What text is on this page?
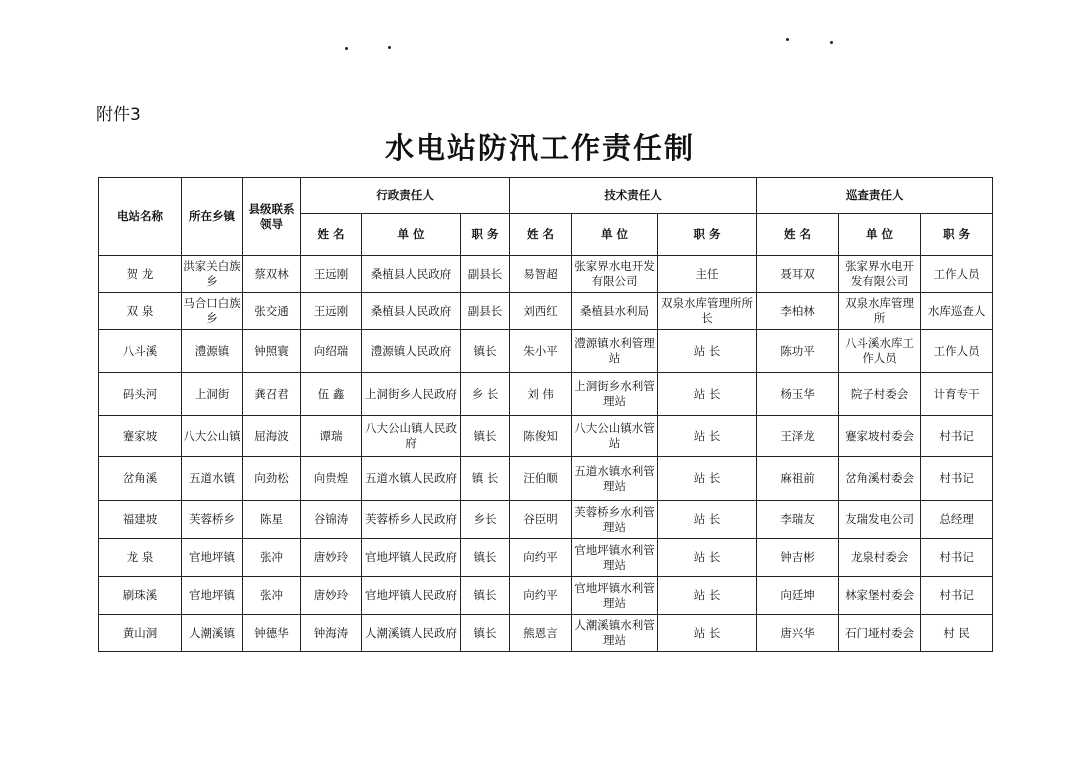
附件3
水电站防汛工作责任制
电站名称	所在乡镇	县级联系领导	行政责任人			技术责任人			巡查责任人		
			姓 名	单 位	职 务	姓 名	单 位	职 务	姓 名	单 位	职 务
贺 龙	洪家关白族乡	蔡双林	王远刚	桑植县人民政府	副县长	易智超	张家界水电开发有限公司	主任	聂耳双	张家界水电开发有限公司	工作人员
双 泉	马合口白族乡	张交通	王远刚	桑植县人民政府	副县长	刘西红	桑植县水利局	双泉水库管理所所长	李柏林	双泉水库管理所	水库巡查人
八斗溪	澧源镇	钟照寰	向绍瑞	澧源镇人民政府	镇长	朱小平	澧源镇水利管理站	站 长	陈功平	八斗溪水库工作人员	工作人员
码头河	上洞街	龚召君	伍 鑫	上洞街乡人民政府	乡 长	刘 伟	上洞街乡水利管理站	站 长	杨玉华	院子村委会	计育专干
蹇家坡	八大公山镇	屈海波	谭瑞	八大公山镇人民政府	镇长	陈俊知	八大公山镇水管站	站 长	王泽龙	蹇家坡村委会	村书记
岔角溪	五道水镇	向劲松	向贵煌	五道水镇人民政府	镇 长	汪伯顺	五道水镇水利管理站	站 长	麻祖前	岔角溪村委会	村书记
福建坡	芙蓉桥乡	陈星	谷锦涛	芙蓉桥乡人民政府	乡长	谷臣明	芙蓉桥乡水利管理站	站 长	李瑞友	友瑞发电公司	总经理
龙 泉	官地坪镇	张冲	唐妙玲	官地坪镇人民政府	镇长	向约平	官地坪镇水利管理站	站 长	钟吉彬	龙泉村委会	村书记
刷珠溪	官地坪镇	张冲	唐妙玲	官地坪镇人民政府	镇长	向约平	官地坪镇水利管理站	站 长	向廷坤	林家堡村委会	村书记
黄山洞	人潮溪镇	钟德华	钟海涛	人潮溪镇人民政府	镇长	熊恩言	人潮溪镇水利管理站	站 长	唐兴华	石门垭村委会	村 民
